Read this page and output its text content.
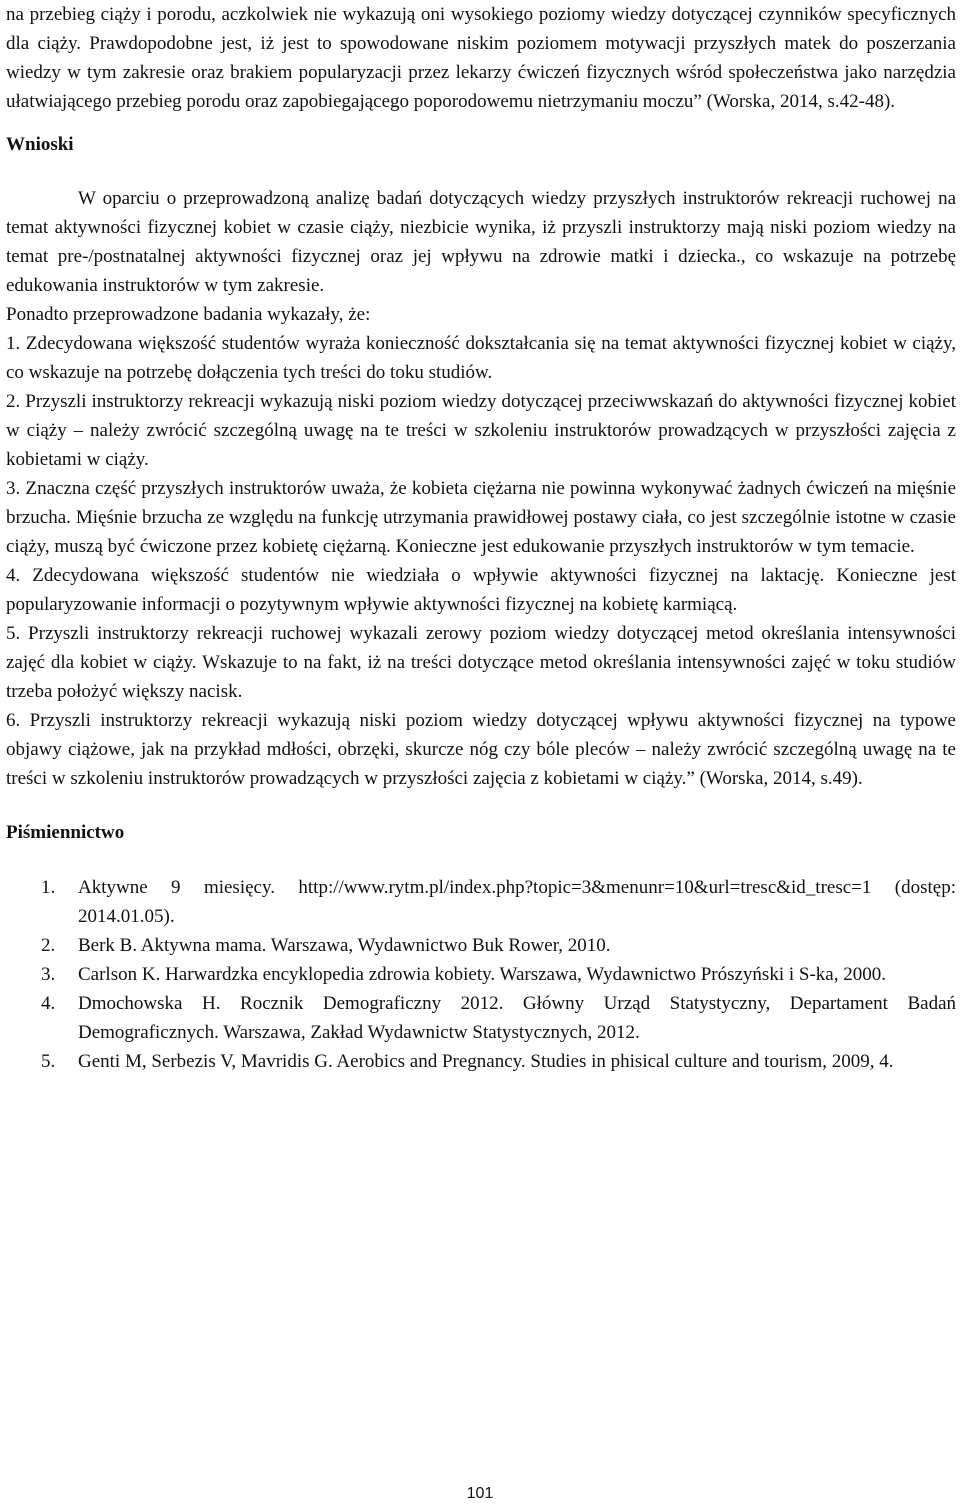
na przebieg ciąży i porodu, aczkolwiek nie wykazują oni wysokiego poziomy wiedzy dotyczącej czynników specyficznych dla ciąży. Prawdopodobne jest, iż jest to spowodowane niskim poziomem motywacji przyszłych matek do poszerzania wiedzy w tym zakresie oraz brakiem popularyzacji przez lekarzy ćwiczeń fizycznych wśród społeczeństwa jako narzędzia ułatwiającego przebieg porodu oraz zapobiegającego poporodowemu nietrzymaniu moczu” (Worska, 2014, s.42-48).

Wnioski

W oparciu o przeprowadzoną analizę badań dotyczących wiedzy przyszłych instruktorów rekreacji ruchowej na temat aktywności fizycznej kobiet w czasie ciąży, niezbicie wynika, iż przyszli instruktorzy mają niski poziom wiedzy na temat pre-/postnatalnej aktywności fizycznej oraz jej wpływu na zdrowie matki i dziecka., co wskazuje na potrzebę edukowania instruktorów w tym zakresie.

Ponadto przeprowadzone badania wykazały, że:

1. Zdecydowana większość studentów wyraża konieczność dokształcania się na temat aktywności fizycznej kobiet w ciąży, co wskazuje na potrzebę dołączenia tych treści do toku studiów.

2. Przyszli instruktorzy rekreacji wykazują niski poziom wiedzy dotyczącej przeciwwskazań do aktywności fizycznej kobiet w ciąży – należy zwrócić szczególną uwagę na te treści w szkoleniu instruktorów prowadzących w przyszłości zajęcia z kobietami w ciąży.

3. Znaczna część przyszłych instruktorów uważa, że kobieta ciężarna nie powinna wykonywać żadnych ćwiczeń na mięśnie brzucha. Mięśnie brzucha ze względu na funkcję utrzymania prawidłowej postawy ciała, co jest szczególnie istotne w czasie ciąży, muszą być ćwiczone przez kobietę ciężarną. Konieczne jest edukowanie przyszłych instruktorów w tym temacie.

4. Zdecydowana większość studentów nie wiedziała o wpływie aktywności fizycznej na laktację. Konieczne jest popularyzowanie informacji o pozytywnym wpływie aktywności fizycznej na kobietę karmiącą.

5. Przyszli instruktorzy rekreacji ruchowej wykazali zerowy poziom wiedzy dotyczącej metod określania intensywności zajęć dla kobiet w ciąży. Wskazuje to na fakt, iż na treści dotyczące metod określania intensywności zajęć w toku studiów trzeba położyć większy nacisk.

6. Przyszli instruktorzy rekreacji wykazują niski poziom wiedzy dotyczącej wpływu aktywności fizycznej na typowe objawy ciążowe, jak na przykład mdłości, obrzęki, skurcze nóg czy bóle pleców – należy zwrócić szczególną uwagę na te treści w szkoleniu instruktorów prowadzących w przyszłości zajęcia z kobietami w ciąży.” (Worska, 2014, s.49).

Piśmiennictwo

1. Aktywne 9 miesięcy. http://www.rytm.pl/index.php?topic=3&menunr=10&url=tresc&id_tresc=1 (dostęp: 2014.01.05).
2. Berk B. Aktywna mama. Warszawa, Wydawnictwo Buk Rower, 2010.
3. Carlson K. Harwardzka encyklopedia zdrowia kobiety. Warszawa, Wydawnictwo Prószyński i S-ka, 2000.
4. Dmochowska H. Rocznik Demograficzny 2012. Główny Urząd Statystyczny, Departament Badań Demograficznych. Warszawa, Zakład Wydawnictw Statystycznych, 2012.
5. Genti M, Serbezis V, Mavridis G. Aerobics and Pregnancy. Studies in phisical culture and tourism, 2009, 4.
101
